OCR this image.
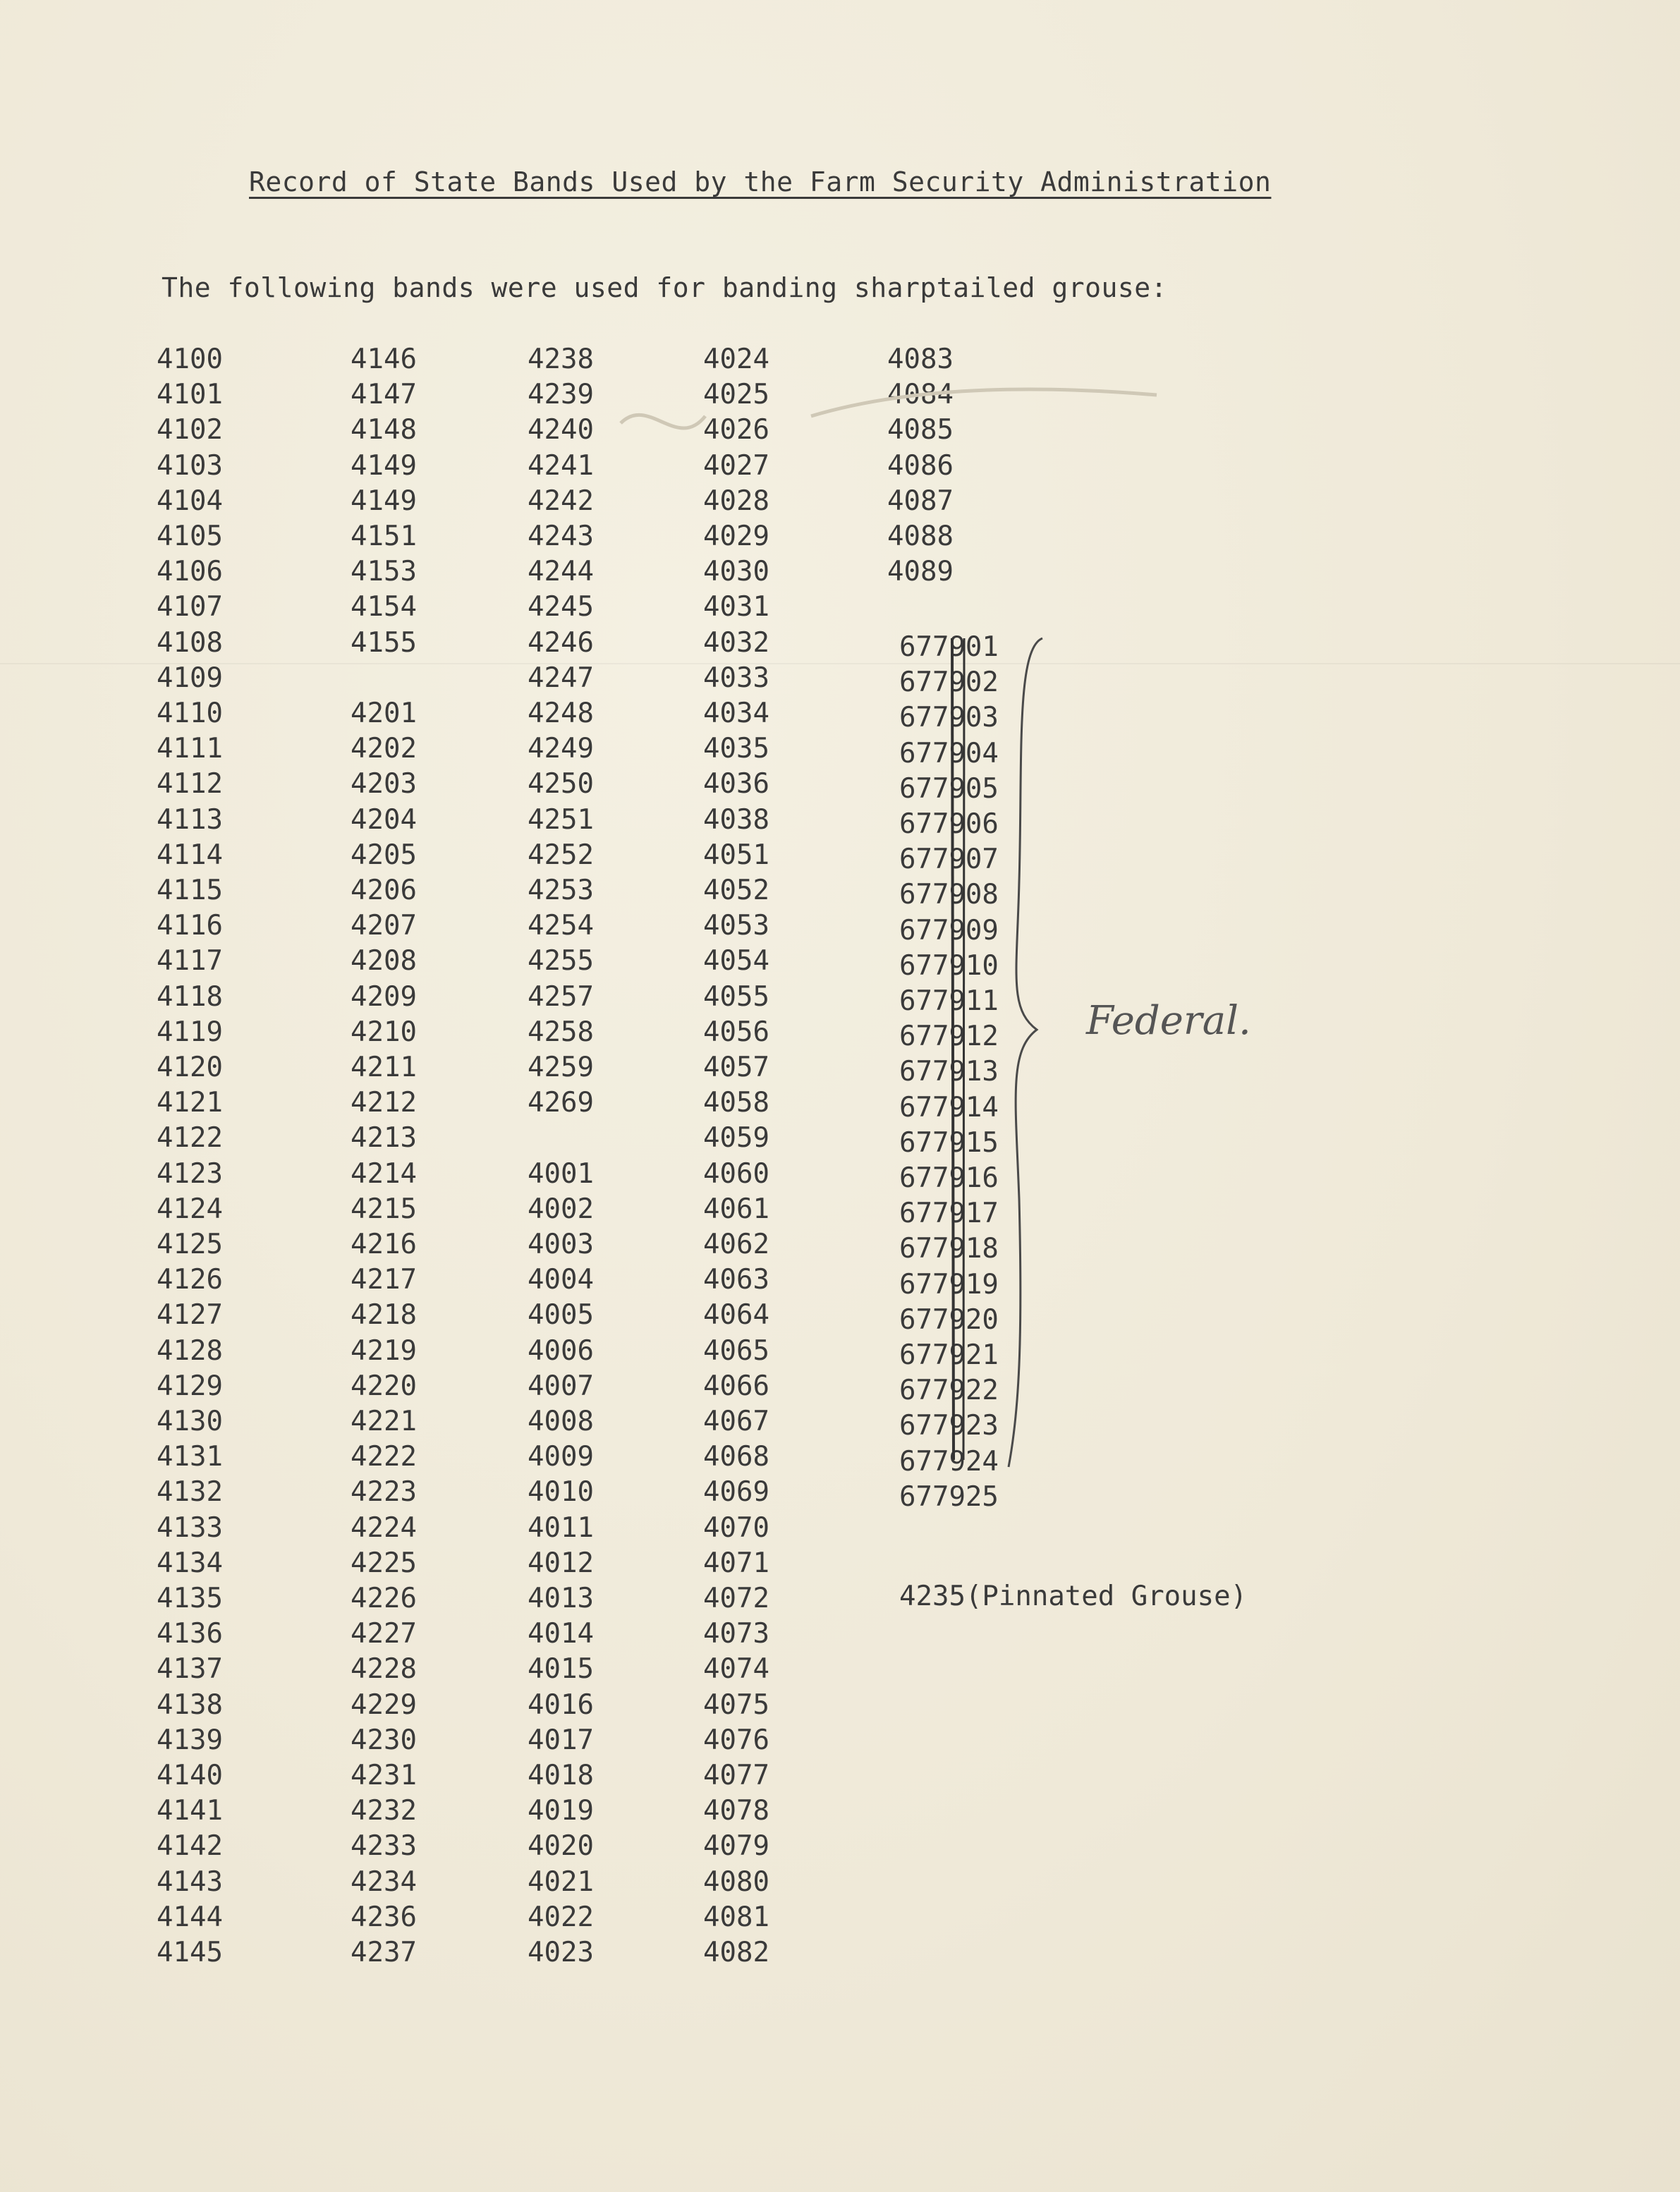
Record of State Bands Used by the Farm Security Administration
The following bands were used for banding sharptailed grouse:
4100
4101
4102
4103
4104
4105
4106
4107
4108
4109
4110
4111
4112
4113
4114
4115
4116
4117
4118
4119
4120
4121
4122
4123
4124
4125
4126
4127
4128
4129
4130
4131
4132
4133
4134
4135
4136
4137
4138
4139
4140
4141
4142
4143
4144
4145
4146
4147
4148
4149
4149
4151
4153
4154
4155
4201
4202
4203
4204
4205
4206
4207
4208
4209
4210
4211
4212
4213
4214
4215
4216
4217
4218
4219
4220
4221
4222
4223
4224
4225
4226
4227
4228
4229
4230
4231
4232
4233
4234
4236
4237
4238
4239
4240
4241
4242
4243
4244
4245
4246
4247
4248
4249
4250
4251
4252
4253
4254
4255
4257
4258
4259
4269
4001
4002
4003
4004
4005
4006
4007
4008
4009
4010
4011
4012
4013
4014
4015
4016
4017
4018
4019
4020
4021
4022
4023
4024
4025
4026
4027
4028
4029
4030
4031
4032
4033
4034
4035
4036
4038
4051
4052
4053
4054
4055
4056
4057
4058
4059
4060
4061
4062
4063
4064
4065
4066
4067
4068
4069
4070
4071
4072
4073
4074
4075
4076
4077
4078
4079
4080
4081
4082
4083
4084
4085
4086
4087
4088
4089
677901
677902
677903
677904
677905
677906
677907
677908
677909
677910
677911
677912
677913
677914
677915
677916
677917
677918
677919
677920
677921
677922
677923
677924
677925
Federal.
4235(Pinnated Grouse)
